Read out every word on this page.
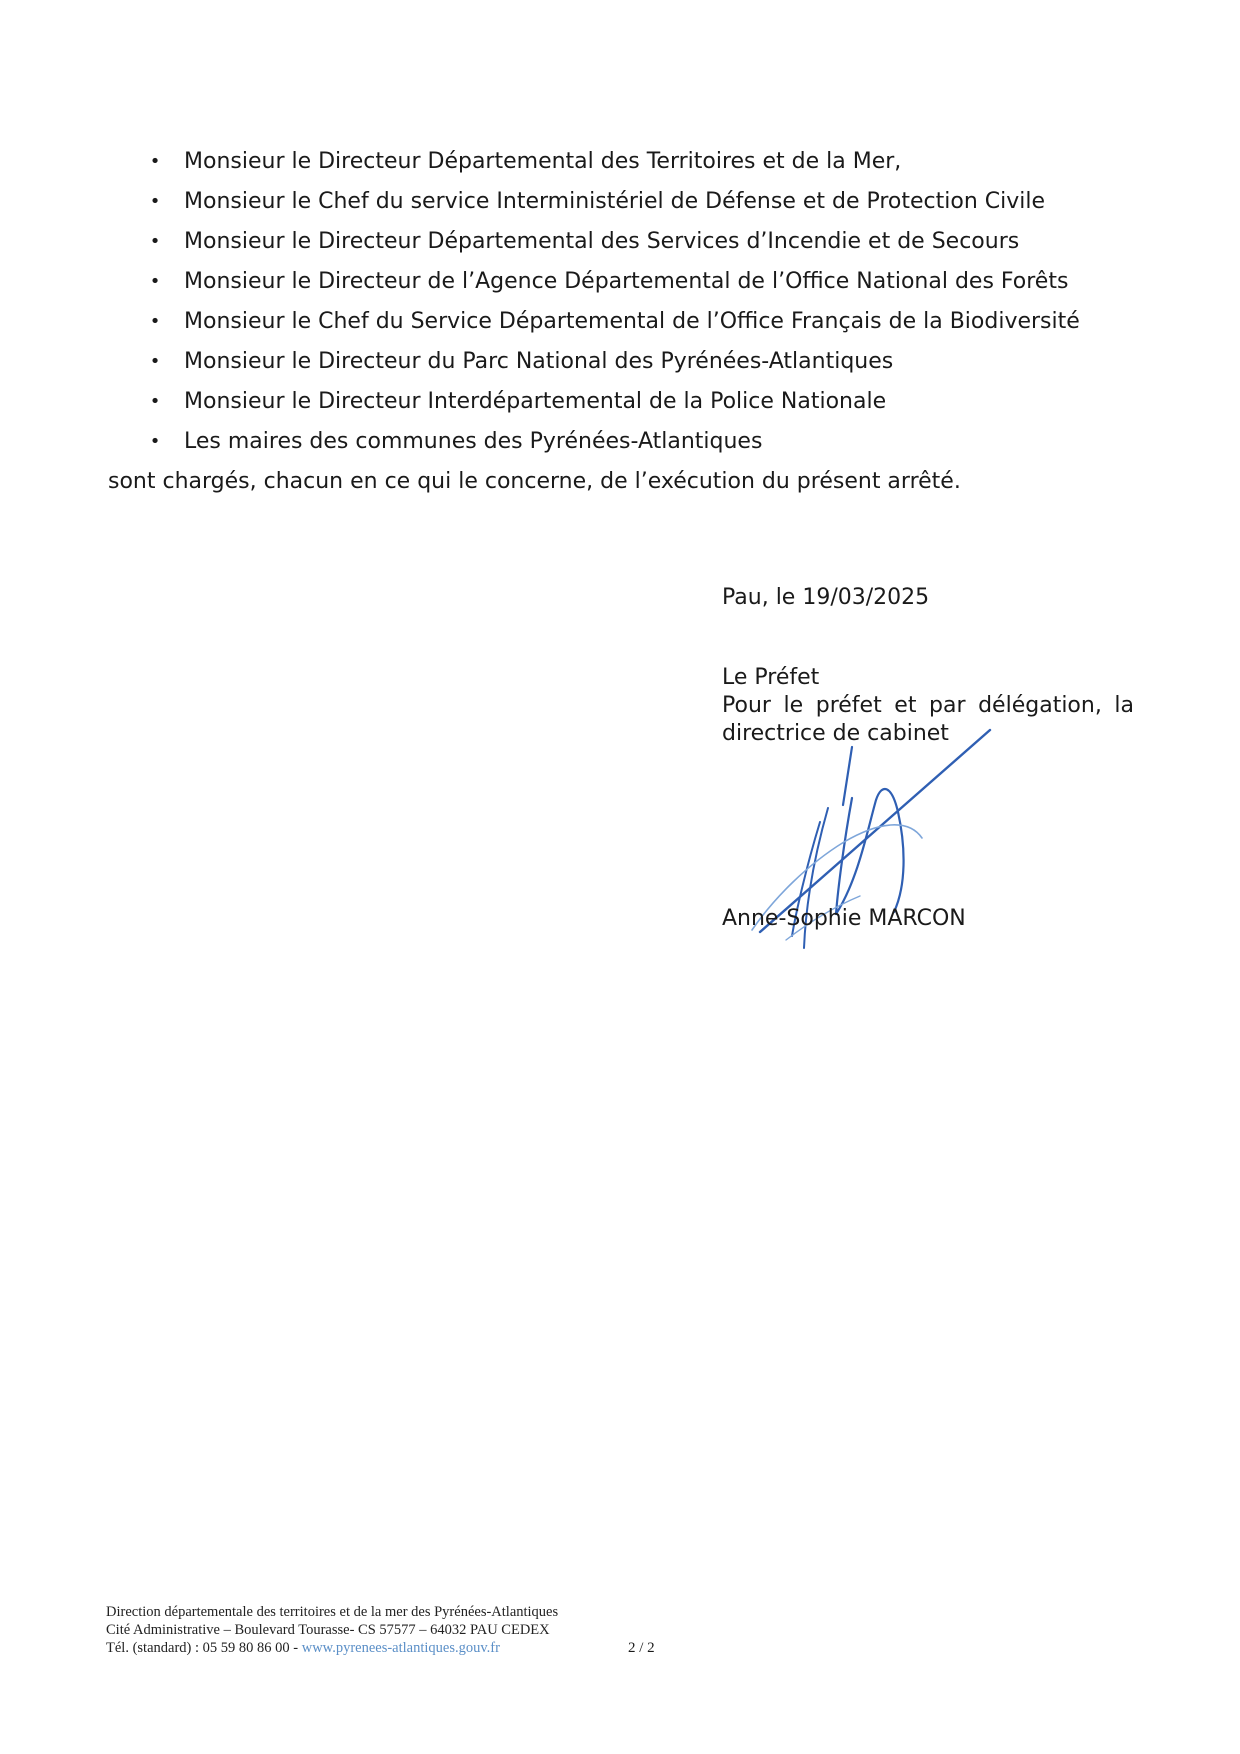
• Monsieur le Directeur Départemental des Territoires et de la Mer,
• Monsieur le Chef du service Interministériel de Défense et de Protection Civile
• Monsieur le Directeur Départemental des Services d’Incendie et de Secours
• Monsieur le Directeur de l’Agence Départemental de l’Office National des Forêts
• Monsieur le Chef du Service Départemental de l’Office Français de la Biodiversité
• Monsieur le Directeur du Parc National des Pyrénées-Atlantiques
• Monsieur le Directeur Interdépartemental de la Police Nationale
• Les maires des communes des Pyrénées-Atlantiques
sont chargés, chacun en ce qui le concerne, de l’exécution du présent arrêté.
Pau, le 19/03/2025
Le Préfet
Pour le préfet et par délégation, la
directrice de cabinet
Anne-Sophie MARCON
Direction départementale des territoires et de la mer des Pyrénées-Atlantiques
Cité Administrative – Boulevard Tourasse- CS 57577 – 64032 PAU CEDEX
Tél. (standard) : 05 59 80 86 00 - www.pyrenees-atlantiques.gouv.fr	2 / 2
